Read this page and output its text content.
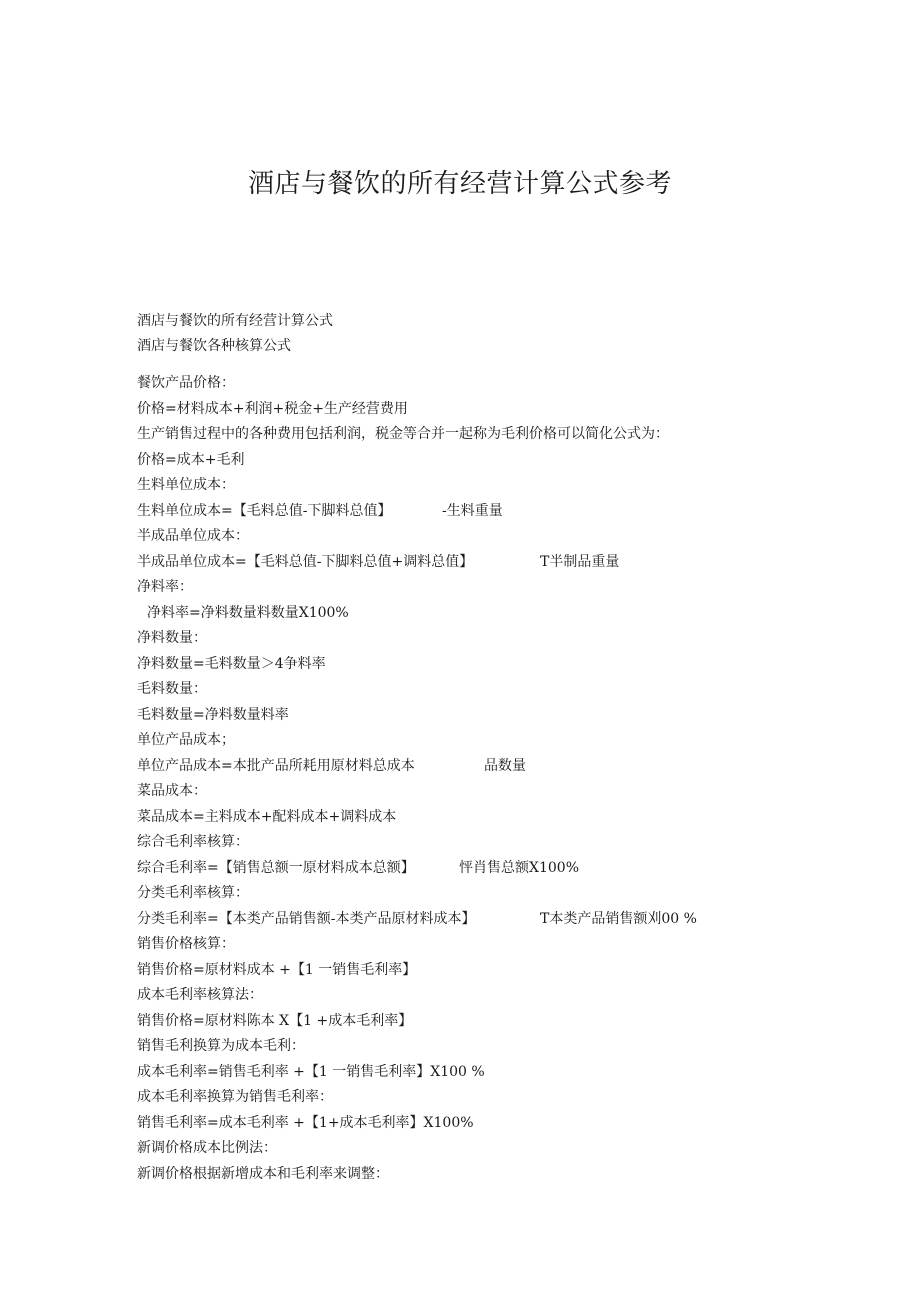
酒店与餐饮的所有经营计算公式参考
酒店与餐饮的所有经营计算公式
酒店与餐饮各种核算公式
餐饮产品价格：
价格=材料成本+利润+税金+生产经营费用
生产销售过程中的各种费用包括利润，税金等合并一起称为毛利价格可以简化公式为：
价格=成本+毛利
生料单位成本：
生料单位成本=【毛料总值-下脚料总值】	-生料重量
半成品单位成本：
半成品单位成本=【毛料总值-下脚料总值+调料总值】	T半制品重量
净料率：
净料率=净料数量料数量X100%
净料数量：
净料数量=毛料数量＞4争料率
毛料数量：
毛料数量=净料数量料率
单位产品成本；
单位产品成本=本批产品所耗用原材料总成本	品数量
菜品成本：
菜品成本=主料成本+配料成本+调料成本
综合毛利率核算：
综合毛利率=【销售总额一原材料成本总额】	怦肖售总额X100%
分类毛利率核算：
分类毛利率=【本类产品销售额-本类产品原材料成本】	T本类产品销售额刈00 %
销售价格核算：
销售价格=原材料成本 +【1 一销售毛利率】
成本毛利率核算法：
销售价格=原材料陈本 X【1 +成本毛利率】
销售毛利换算为成本毛利：
成本毛利率=销售毛利率 +【1 一销售毛利率】X100 %
成本毛利率换算为销售毛利率：
销售毛利率=成本毛利率 +【1+成本毛利率】X100%
新调价格成本比例法：
新调价格根据新增成本和毛利率来调整：
